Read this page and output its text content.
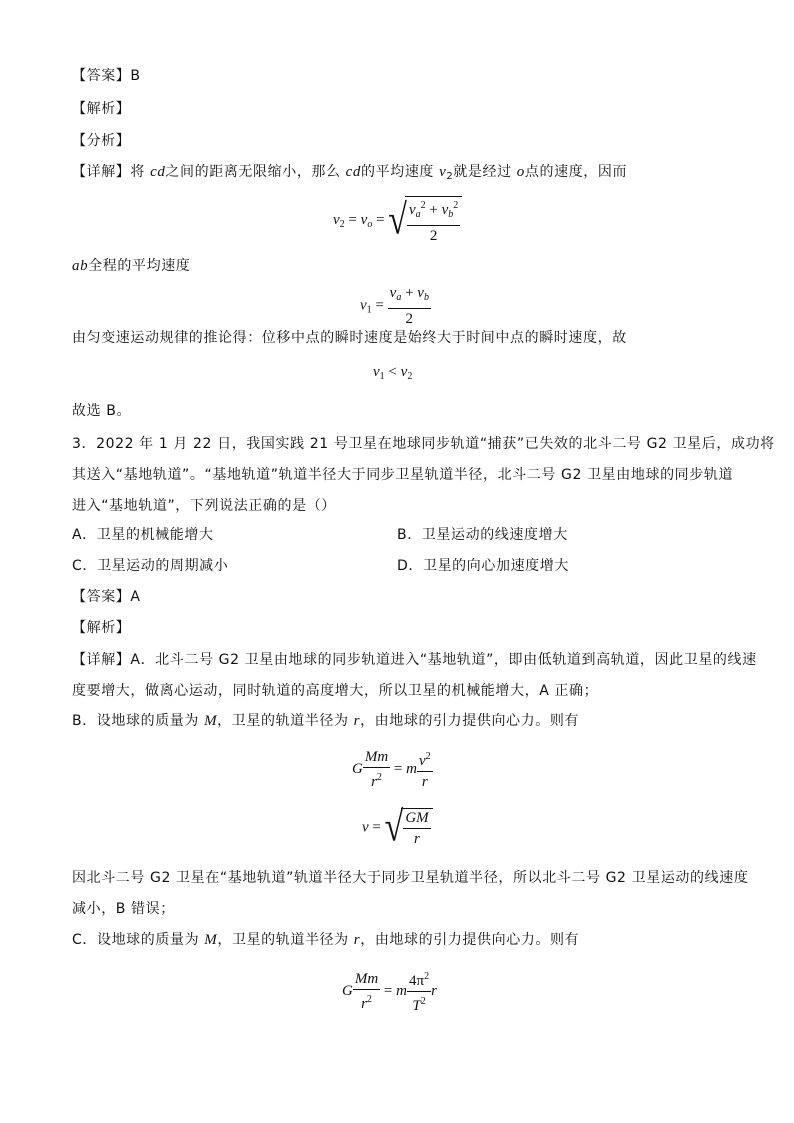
【答案】B
【解析】
【分析】
【详解】将 cd之间的距离无限缩小，那么 cd的平均速度 $v_2$就是经过 o点的速度，因而
$v_2 = v_o$ = √ $\frac{v_a^2 + v_b^2}{2}$
ab全程的平均速度
$v_1 = \frac{v_a + v_b}{2}$
由匀变速运动规律的推论得：位移中点的瞬时速度是始终大于时间中点的瞬时速度，故
$v_1 < v_2$
故选 B。
3．2022 年 1 月 22 日，我国实践 21 号卫星在地球同步轨道“捕获”已失效的北斗二号 G2 卫星后，成功将
其送入“基地轨道”。“基地轨道”轨道半径大于同步卫星轨道半径，北斗二号 G2 卫星由地球的同步轨道
进入“基地轨道”，下列说法正确的是（）
A．卫星的机械能增大	B．卫星运动的线速度增大
C．卫星运动的周期减小	D．卫星的向心加速度增大
【答案】A
【解析】
【详解】A．北斗二号 G2 卫星由地球的同步轨道进入“基地轨道”，即由低轨道到高轨道，因此卫星的线速
度要增大，做离心运动，同时轨道的高度增大，所以卫星的机械能增大，A 正确；
B．设地球的质量为 M，卫星的轨道半径为 r，由地球的引力提供向心力。则有
G $\frac{Mm}{r^2} = m \frac{v^2}{r}$
v = √ $\frac{GM}{r}$
因北斗二号 G2 卫星在“基地轨道”轨道半径大于同步卫星轨道半径，所以北斗二号 G2 卫星运动的线速度
减小，B 错误；
C．设地球的质量为 M，卫星的轨道半径为 r，由地球的引力提供向心力。则有
G $\frac{Mm}{r^2} = m \frac{4\pi^2}{T^2}$ r
